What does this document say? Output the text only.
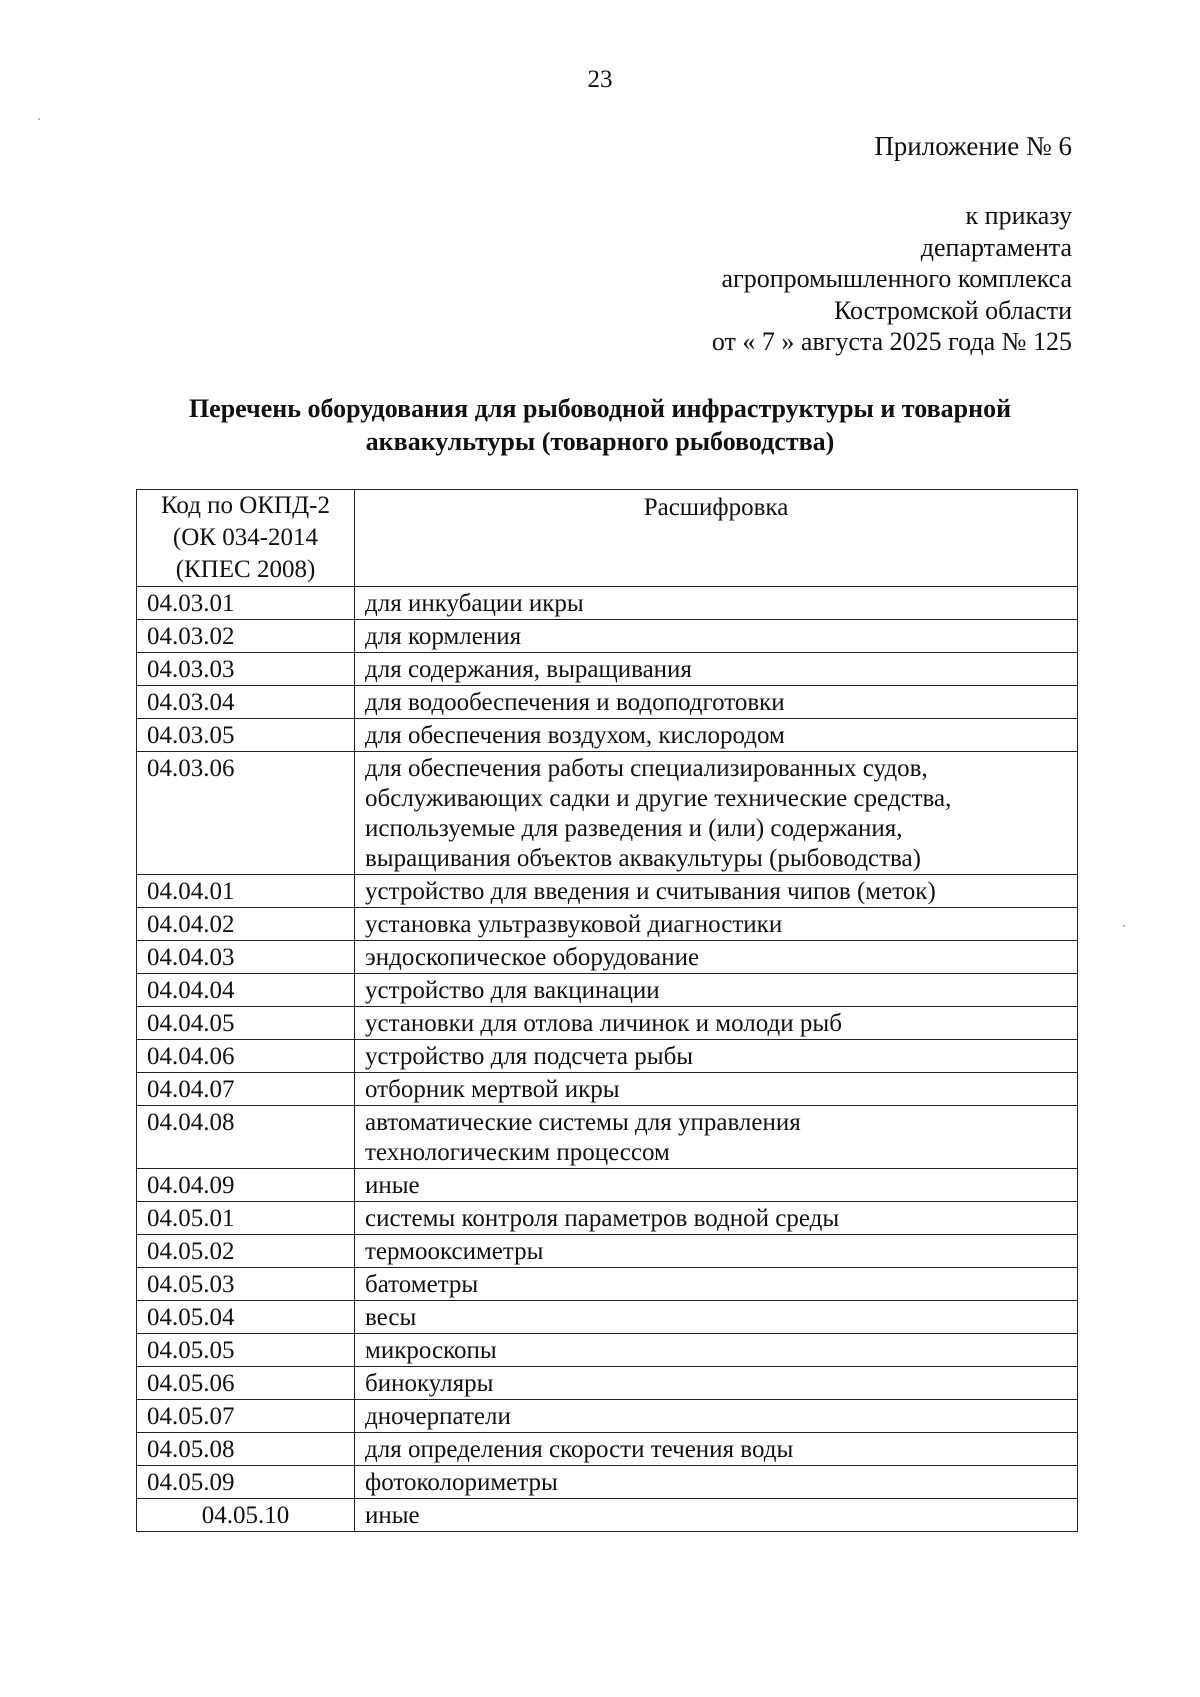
23
Приложение № 6
к приказу
департамента
агропромышленного комплекса
Костромской области
от « 7 » августа 2025 года № 125
Перечень оборудования для рыбоводной инфраструктуры и товарной
аквакультуры (товарного рыбоводства)
Код по ОКПД-2
(ОК 034-2014
(КПЕС 2008)	Расшифровка
04.03.01	для инкубации икры

04.03.02	для кормления

04.03.03	для содержания, выращивания

04.03.04	для водообеспечения и водоподготовки

04.03.05	для обеспечения воздухом, кислородом

04.03.06	для обеспечения работы специализированных судов,
обслуживающих садки и другие технические средства,
используемые для разведения и (или) содержания,
выращивания объектов аквакультуры (рыбоводства)

04.04.01	устройство для введения и считывания чипов (меток)

04.04.02	установка ультразвуковой диагностики

04.04.03	эндоскопическое оборудование

04.04.04	устройство для вакцинации

04.04.05	установки для отлова личинок и молоди рыб

04.04.06	устройство для подсчета рыбы

04.04.07	отборник мертвой икры

04.04.08	автоматические системы для управления
технологическим процессом

04.04.09	иные

04.05.01	системы контроля параметров водной среды

04.05.02	термооксиметры

04.05.03	батометры

04.05.04	весы

04.05.05	микроскопы

04.05.06	бинокуляры

04.05.07	дночерпатели

04.05.08	для определения скорости течения воды

04.05.09	фотоколориметры

04.05.10	иные
